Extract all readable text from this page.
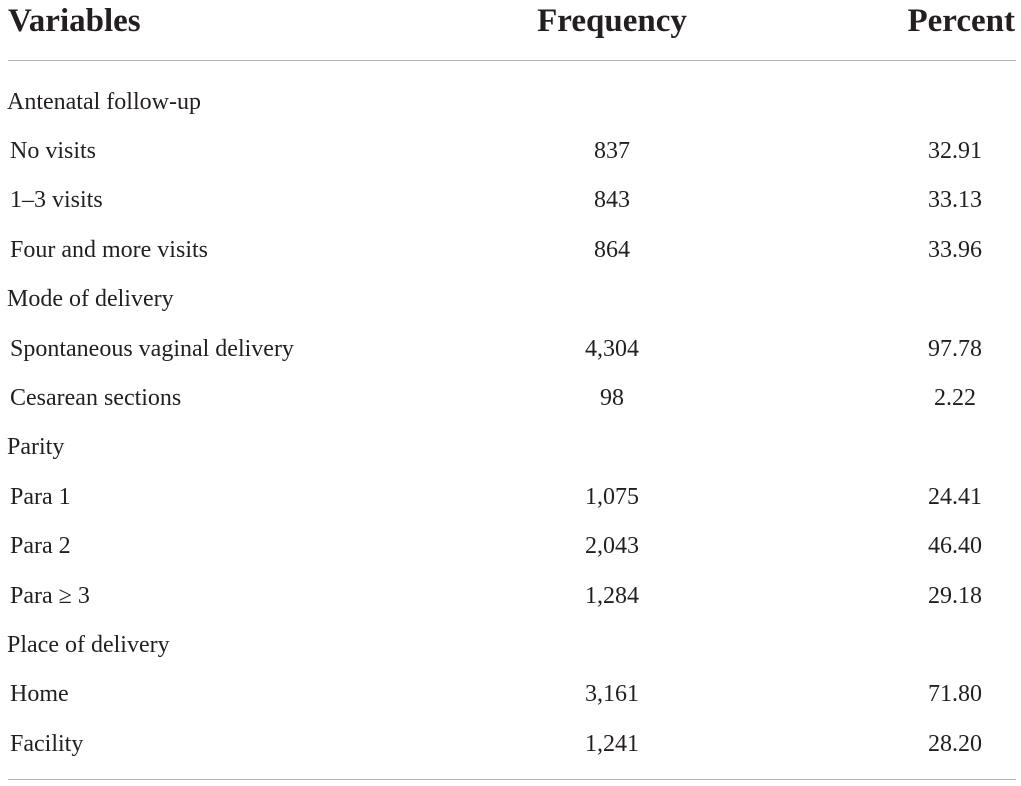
Variables	Frequency	Percent
Antenatal follow-up
No visits	837	32.91
1–3 visits	843	33.13
Four and more visits	864	33.96
Mode of delivery
Spontaneous vaginal delivery	4,304	97.78
Cesarean sections	98	2.22
Parity
Para 1	1,075	24.41
Para 2	2,043	46.40
Para ≥ 3	1,284	29.18
Place of delivery
Home	3,161	71.80
Facility	1,241	28.20
